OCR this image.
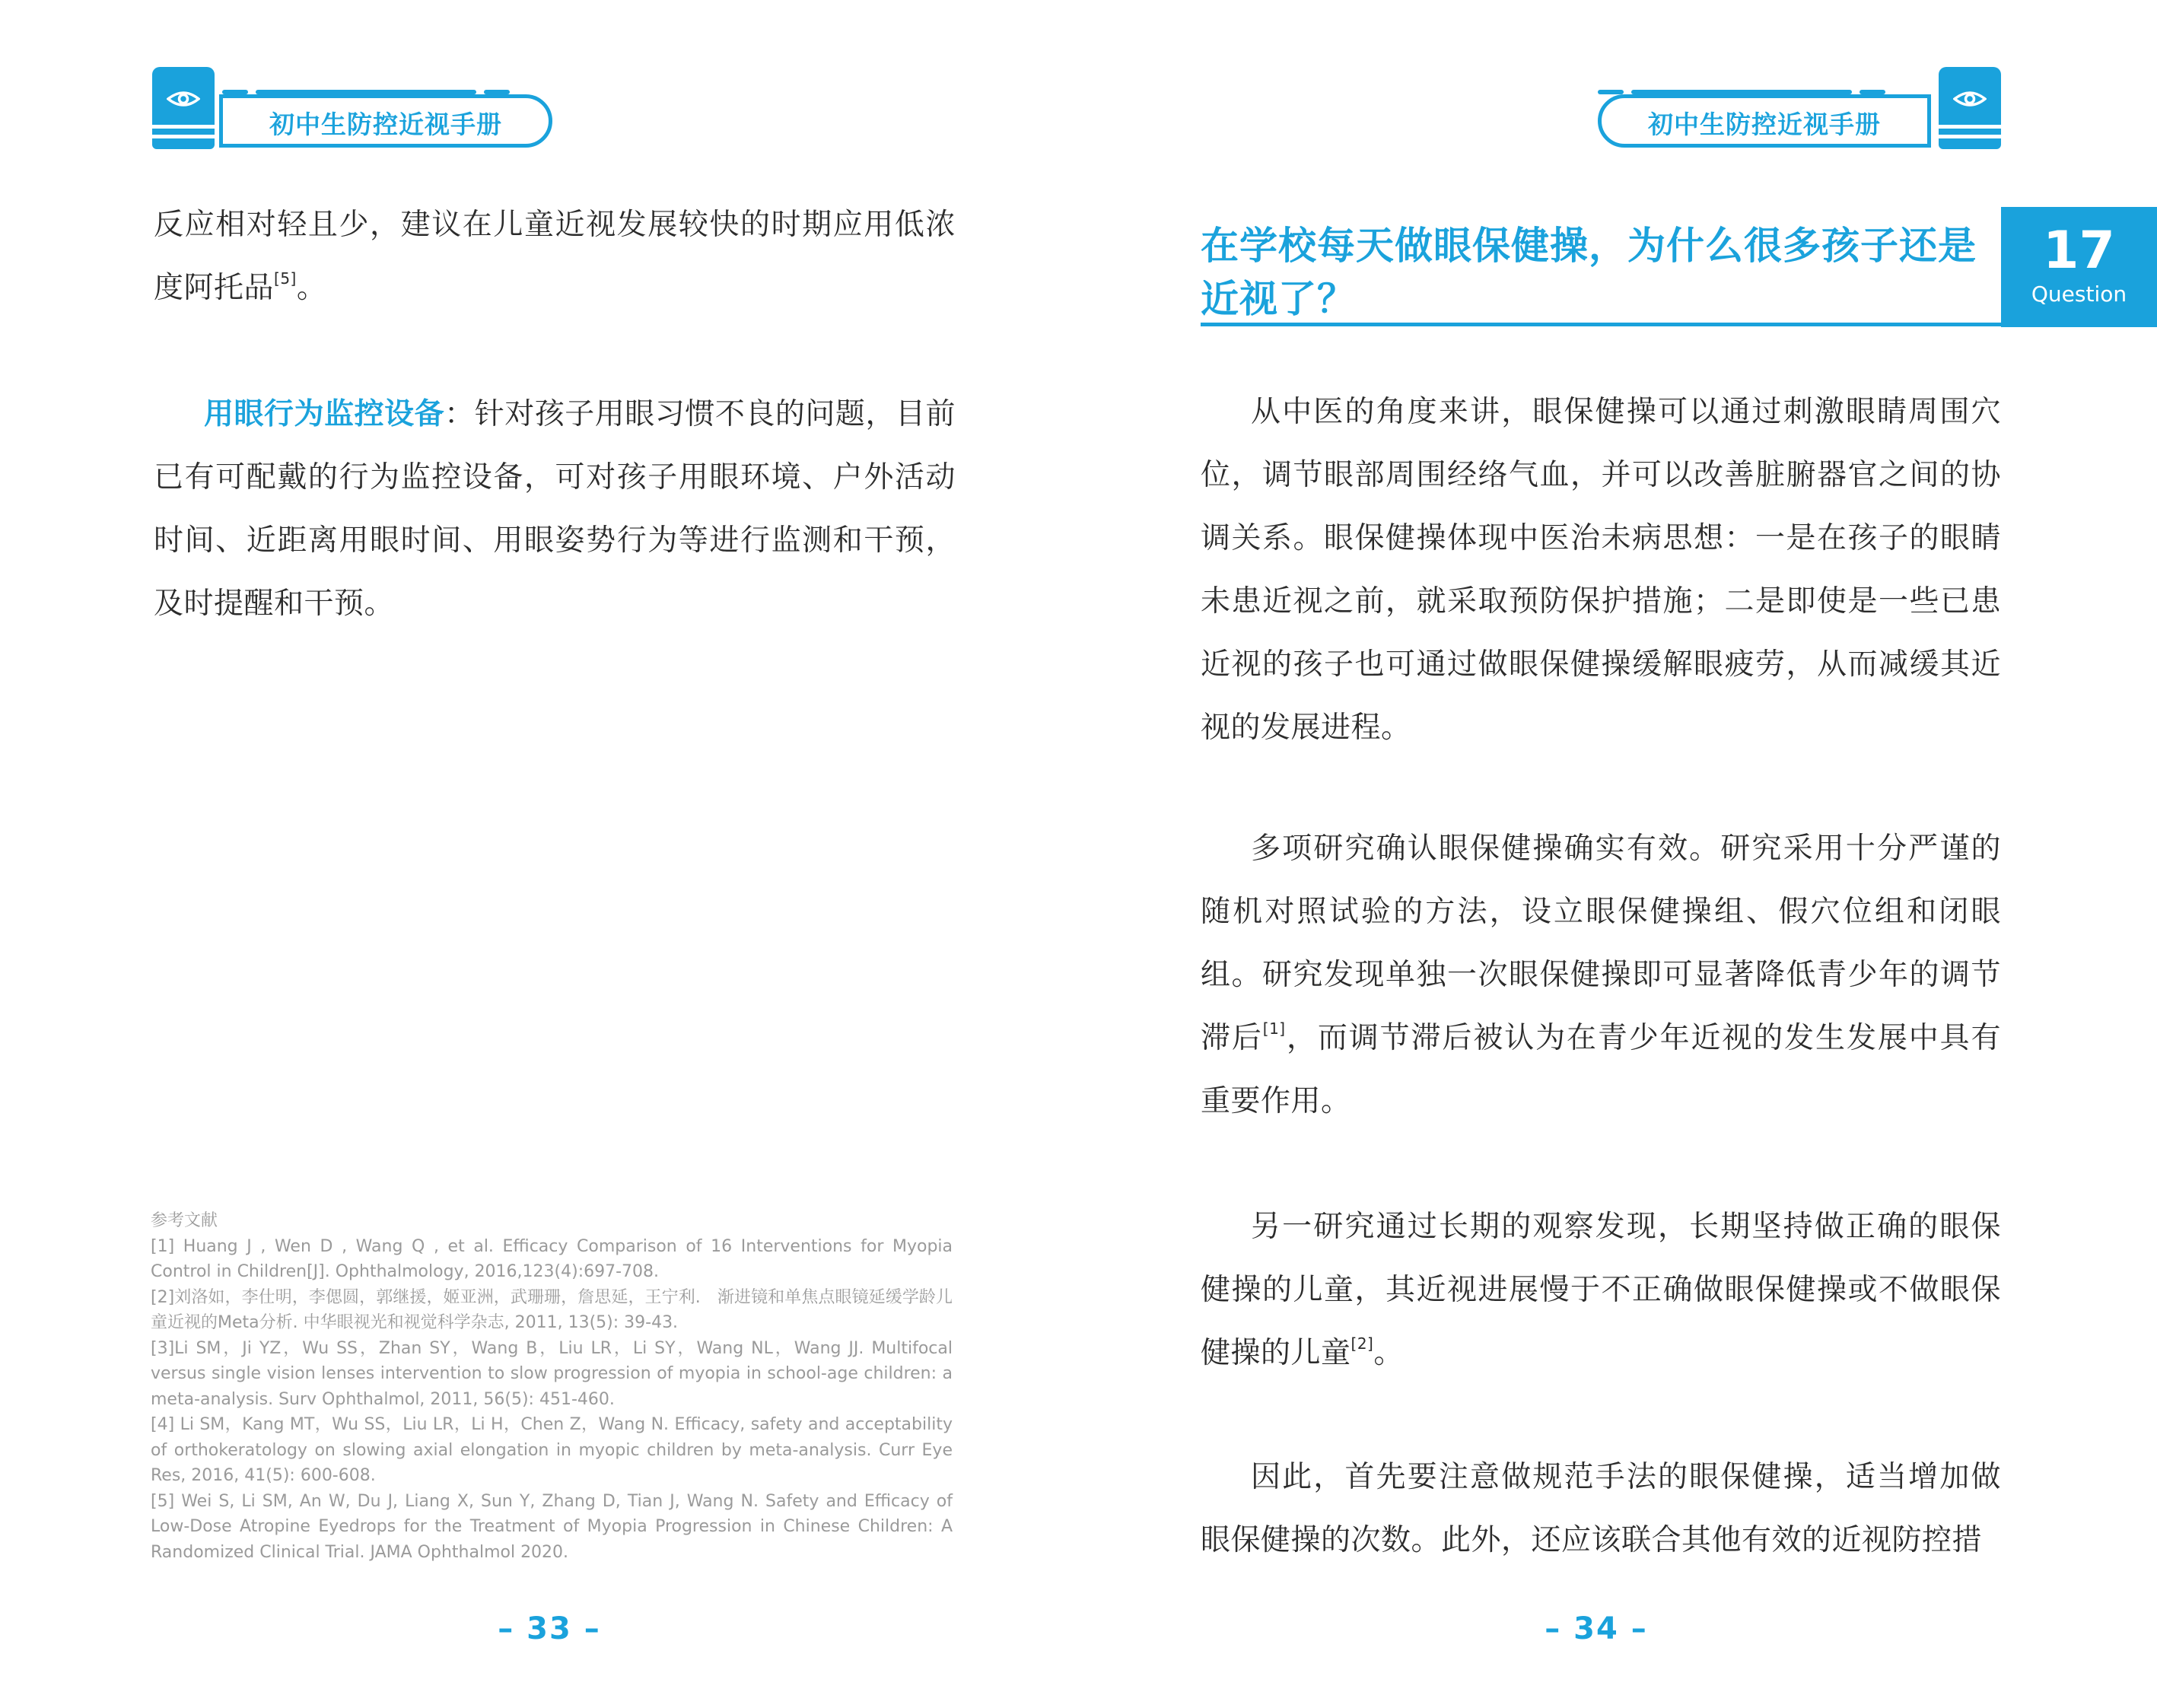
初中生防控近视手册

反应相对轻且少，建议在儿童近视发展较快的时期应用低浓度阿托品[5]。

用眼行为监控设备：针对孩子用眼习惯不良的问题，目前已有可配戴的行为监控设备，可对孩子用眼环境、户外活动时间、近距离用眼时间、用眼姿势行为等进行监测和干预，及时提醒和干预。

参考文献
[1] Huang J , Wen D , Wang Q , et al. Efficacy Comparison of 16 Interventions for Myopia Control in Children[J]. Ophthalmology, 2016,123(4):697-708.
[2]刘洛如，李仕明，李偲圆，郭继援，姬亚洲，武珊珊，詹思延，王宁利.　渐进镜和单焦点眼镜延缓学龄儿童近视的Meta分析. 中华眼视光和视觉科学杂志, 2011, 13(5): 39-43.
[3]Li SM，Ji YZ，Wu SS，Zhan SY，Wang B，Liu LR，Li SY，Wang NL，Wang JJ. Multifocal versus single vision lenses intervention to slow progression of myopia in school-age children: a meta-analysis. Surv Ophthalmol, 2011, 56(5): 451-460.
[4] Li SM，Kang MT，Wu SS，Liu LR，Li H，Chen Z，Wang N. Efficacy, safety and acceptability of orthokeratology on slowing axial elongation in myopic children by meta-analysis. Curr Eye Res, 2016, 41(5): 600-608.
[5] Wei S, Li SM, An W, Du J, Liang X, Sun Y, Zhang D, Tian J, Wang N. Safety and Efficacy of Low-Dose Atropine Eyedrops for the Treatment of Myopia Progression in Chinese Children: A Randomized Clinical Trial. JAMA Ophthalmol 2020.
– 33 –
初中生防控近视手册
在学校每天做眼保健操，为什么很多孩子还是近视了？
17
Question

从中医的角度来讲，眼保健操可以通过刺激眼睛周围穴位，调节眼部周围经络气血，并可以改善脏腑器官之间的协调关系。眼保健操体现中医治未病思想：一是在孩子的眼睛未患近视之前，就采取预防保护措施；二是即使是一些已患近视的孩子也可通过做眼保健操缓解眼疲劳，从而减缓其近视的发展进程。

多项研究确认眼保健操确实有效。研究采用十分严谨的随机对照试验的方法，设立眼保健操组、假穴位组和闭眼组。研究发现单独一次眼保健操即可显著降低青少年的调节滞后[1]，而调节滞后被认为在青少年近视的发生发展中具有重要作用。

另一研究通过长期的观察发现，长期坚持做正确的眼保健操的儿童，其近视进展慢于不正确做眼保健操或不做眼保健操的儿童[2]。

因此，首先要注意做规范手法的眼保健操，适当增加做眼保健操的次数。此外，还应该联合其他有效的近视防控措

– 34 –
